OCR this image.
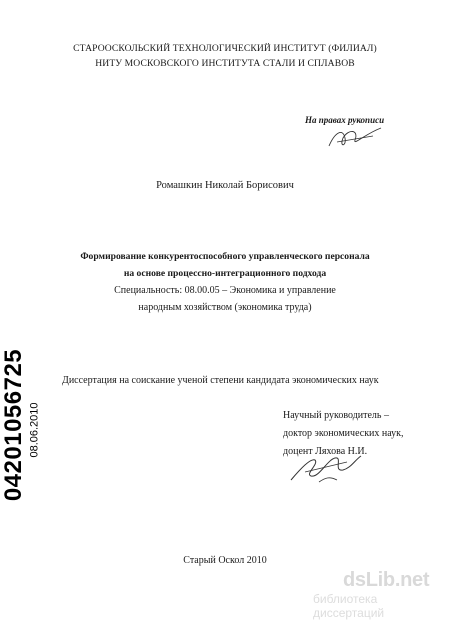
СТАРООСКОЛЬСКИЙ ТЕХНОЛОГИЧЕСКИЙ ИНСТИТУТ (ФИЛИАЛ)
НИТУ МОСКОВСКОГО ИНСТИТУТА СТАЛИ И СПЛАВОВ
На правах рукописи
Ромашкин Николай Борисович
Формирование конкурентоспособного управленческого персонала
на основе процессно-интеграционного подхода
Специальность: 08.00.05 – Экономика и управление
народным хозяйством (экономика труда)
Диссертация на соискание ученой степени кандидата экономических наук
Научный руководитель –
доктор экономических наук,
доцент Ляхова Н.И.
Старый Оскол 2010
04201056725 08.06.2010
dsLib.net
библиотека диссертаций
